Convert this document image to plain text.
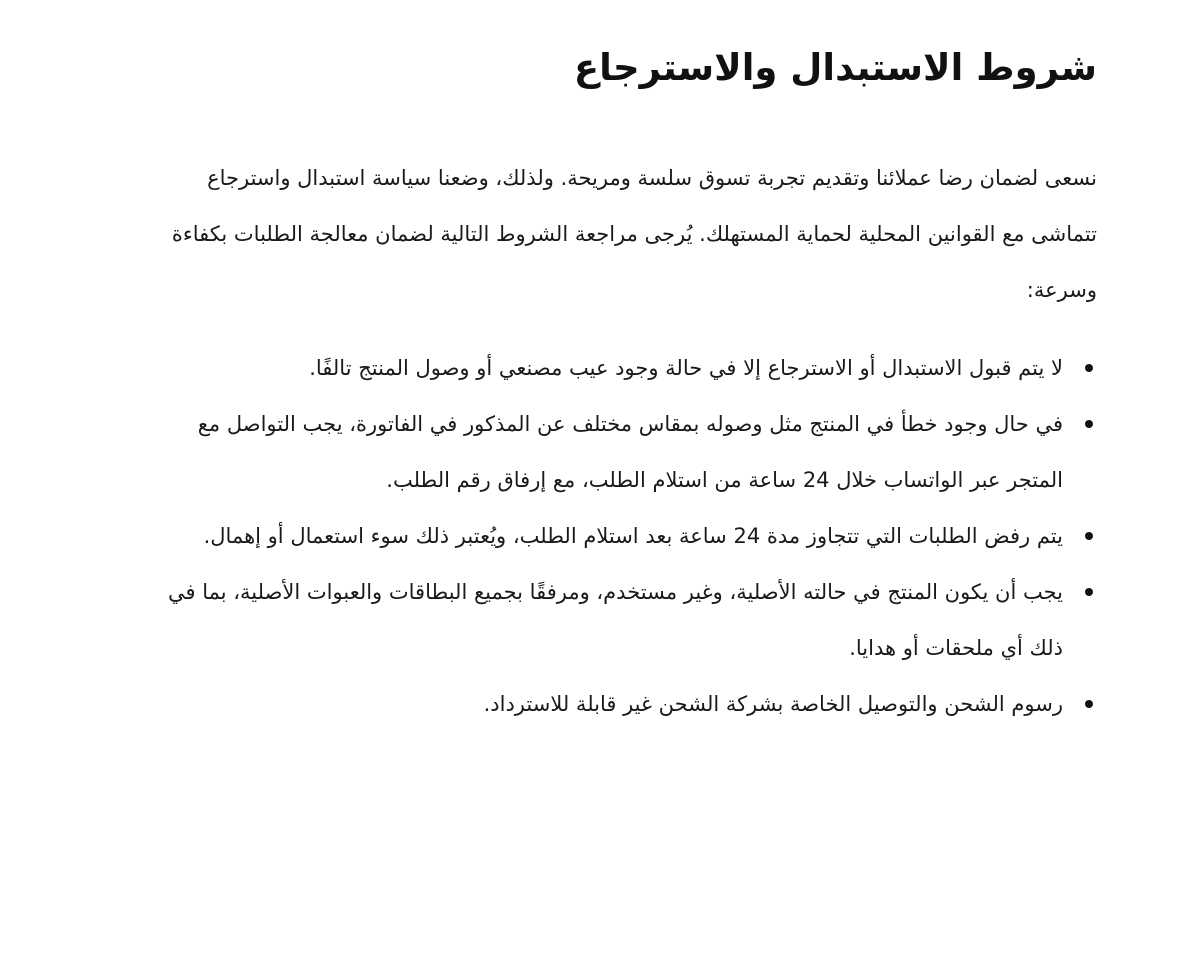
شروط الاستبدال والاسترجاع

نسعى لضمان رضا عملائنا وتقديم تجربة تسوق سلسة ومريحة. ولذلك، وضعنا سياسة استبدال واسترجاع تتماشى مع القوانين المحلية لحماية المستهلك. يُرجى مراجعة الشروط التالية لضمان معالجة الطلبات بكفاءة وسرعة:

لا يتم قبول الاستبدال أو الاسترجاع إلا في حالة وجود عيب مصنعي أو وصول المنتج تالفًا.
في حال وجود خطأ في المنتج مثل وصوله بمقاس مختلف عن المذكور في الفاتورة، يجب التواصل مع المتجر عبر الواتساب خلال 24 ساعة من استلام الطلب، مع إرفاق رقم الطلب.
يتم رفض الطلبات التي تتجاوز مدة 24 ساعة بعد استلام الطلب، ويُعتبر ذلك سوء استعمال أو إهمال.
يجب أن يكون المنتج في حالته الأصلية، وغير مستخدم، ومرفقًا بجميع البطاقات والعبوات الأصلية، بما في ذلك أي ملحقات أو هدايا.
رسوم الشحن والتوصيل الخاصة بشركة الشحن غير قابلة للاسترداد.
